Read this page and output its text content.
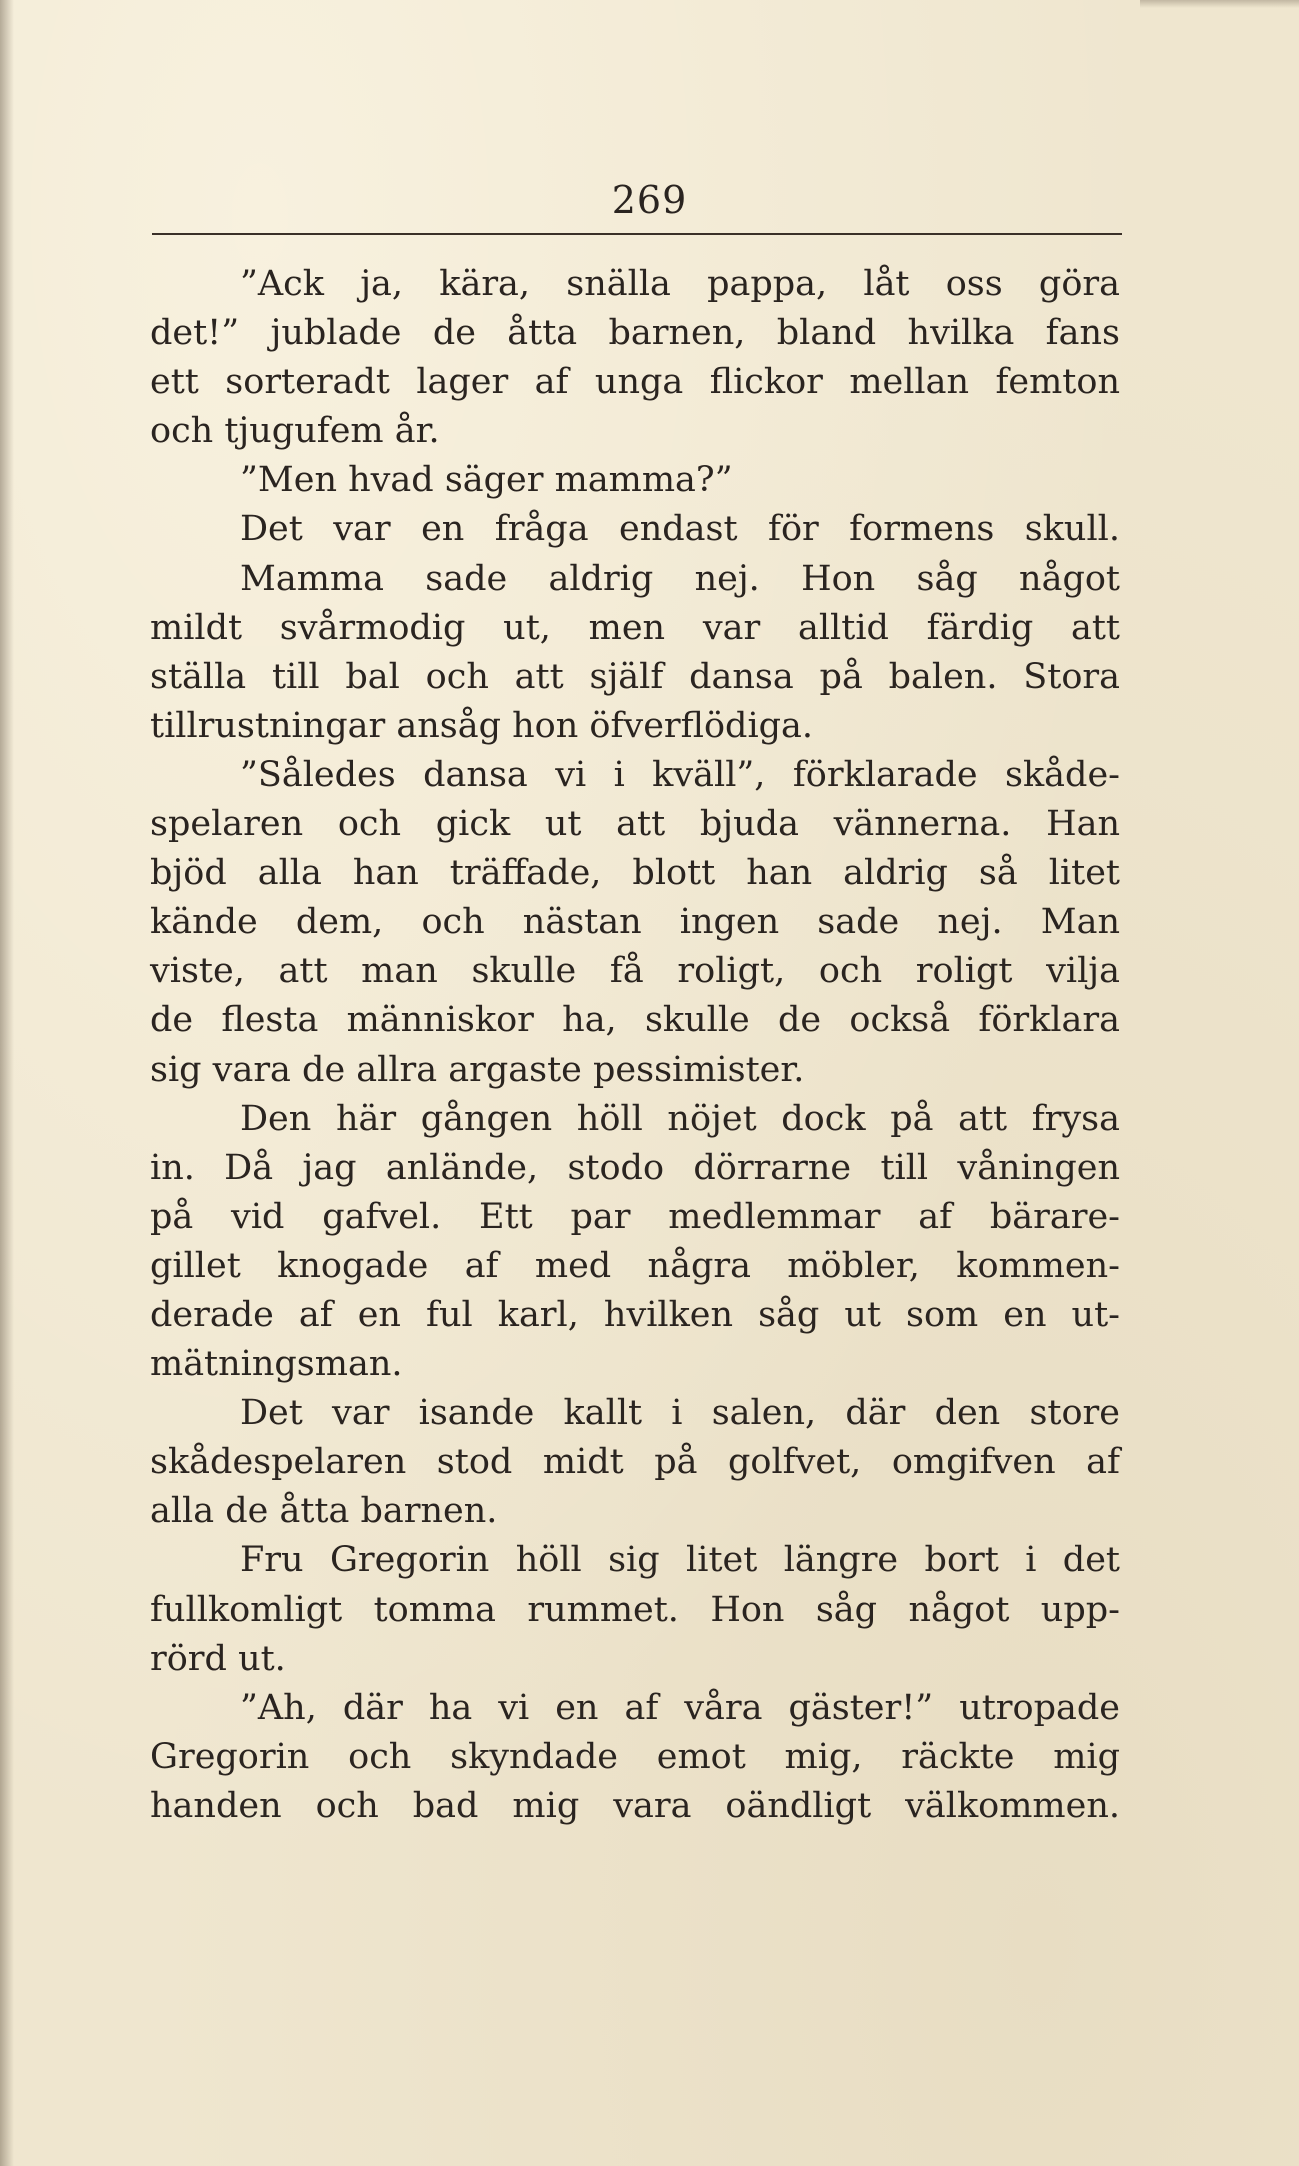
269
”Ack ja, kära, snälla pappa, låt oss göra
det!” jublade de åtta barnen, bland hvilka fans
ett sorteradt lager af unga flickor mellan femton
och tjugufem år.
”Men hvad säger mamma?”
Det var en fråga endast för formens skull.
Mamma sade aldrig nej. Hon såg något
mildt svårmodig ut, men var alltid färdig att
ställa till bal och att själf dansa på balen. Stora
tillrustningar ansåg hon öfverflödiga.
”Således dansa vi i kväll”, förklarade skåde-
spelaren och gick ut att bjuda vännerna. Han
bjöd alla han träffade, blott han aldrig så litet
kände dem, och nästan ingen sade nej. Man
viste, att man skulle få roligt, och roligt vilja
de flesta människor ha, skulle de också förklara
sig vara de allra argaste pessimister.
Den här gången höll nöjet dock på att frysa
in. Då jag anlände, stodo dörrarne till våningen
på vid gafvel. Ett par medlemmar af bärare-
gillet knogade af med några möbler, kommen-
derade af en ful karl, hvilken såg ut som en ut-
mätningsman.
Det var isande kallt i salen, där den store
skådespelaren stod midt på golfvet, omgifven af
alla de åtta barnen.
Fru Gregorin höll sig litet längre bort i det
fullkomligt tomma rummet. Hon såg något upp-
rörd ut.
”Ah, där ha vi en af våra gäster!” utropade
Gregorin och skyndade emot mig, räckte mig
handen och bad mig vara oändligt välkommen.
